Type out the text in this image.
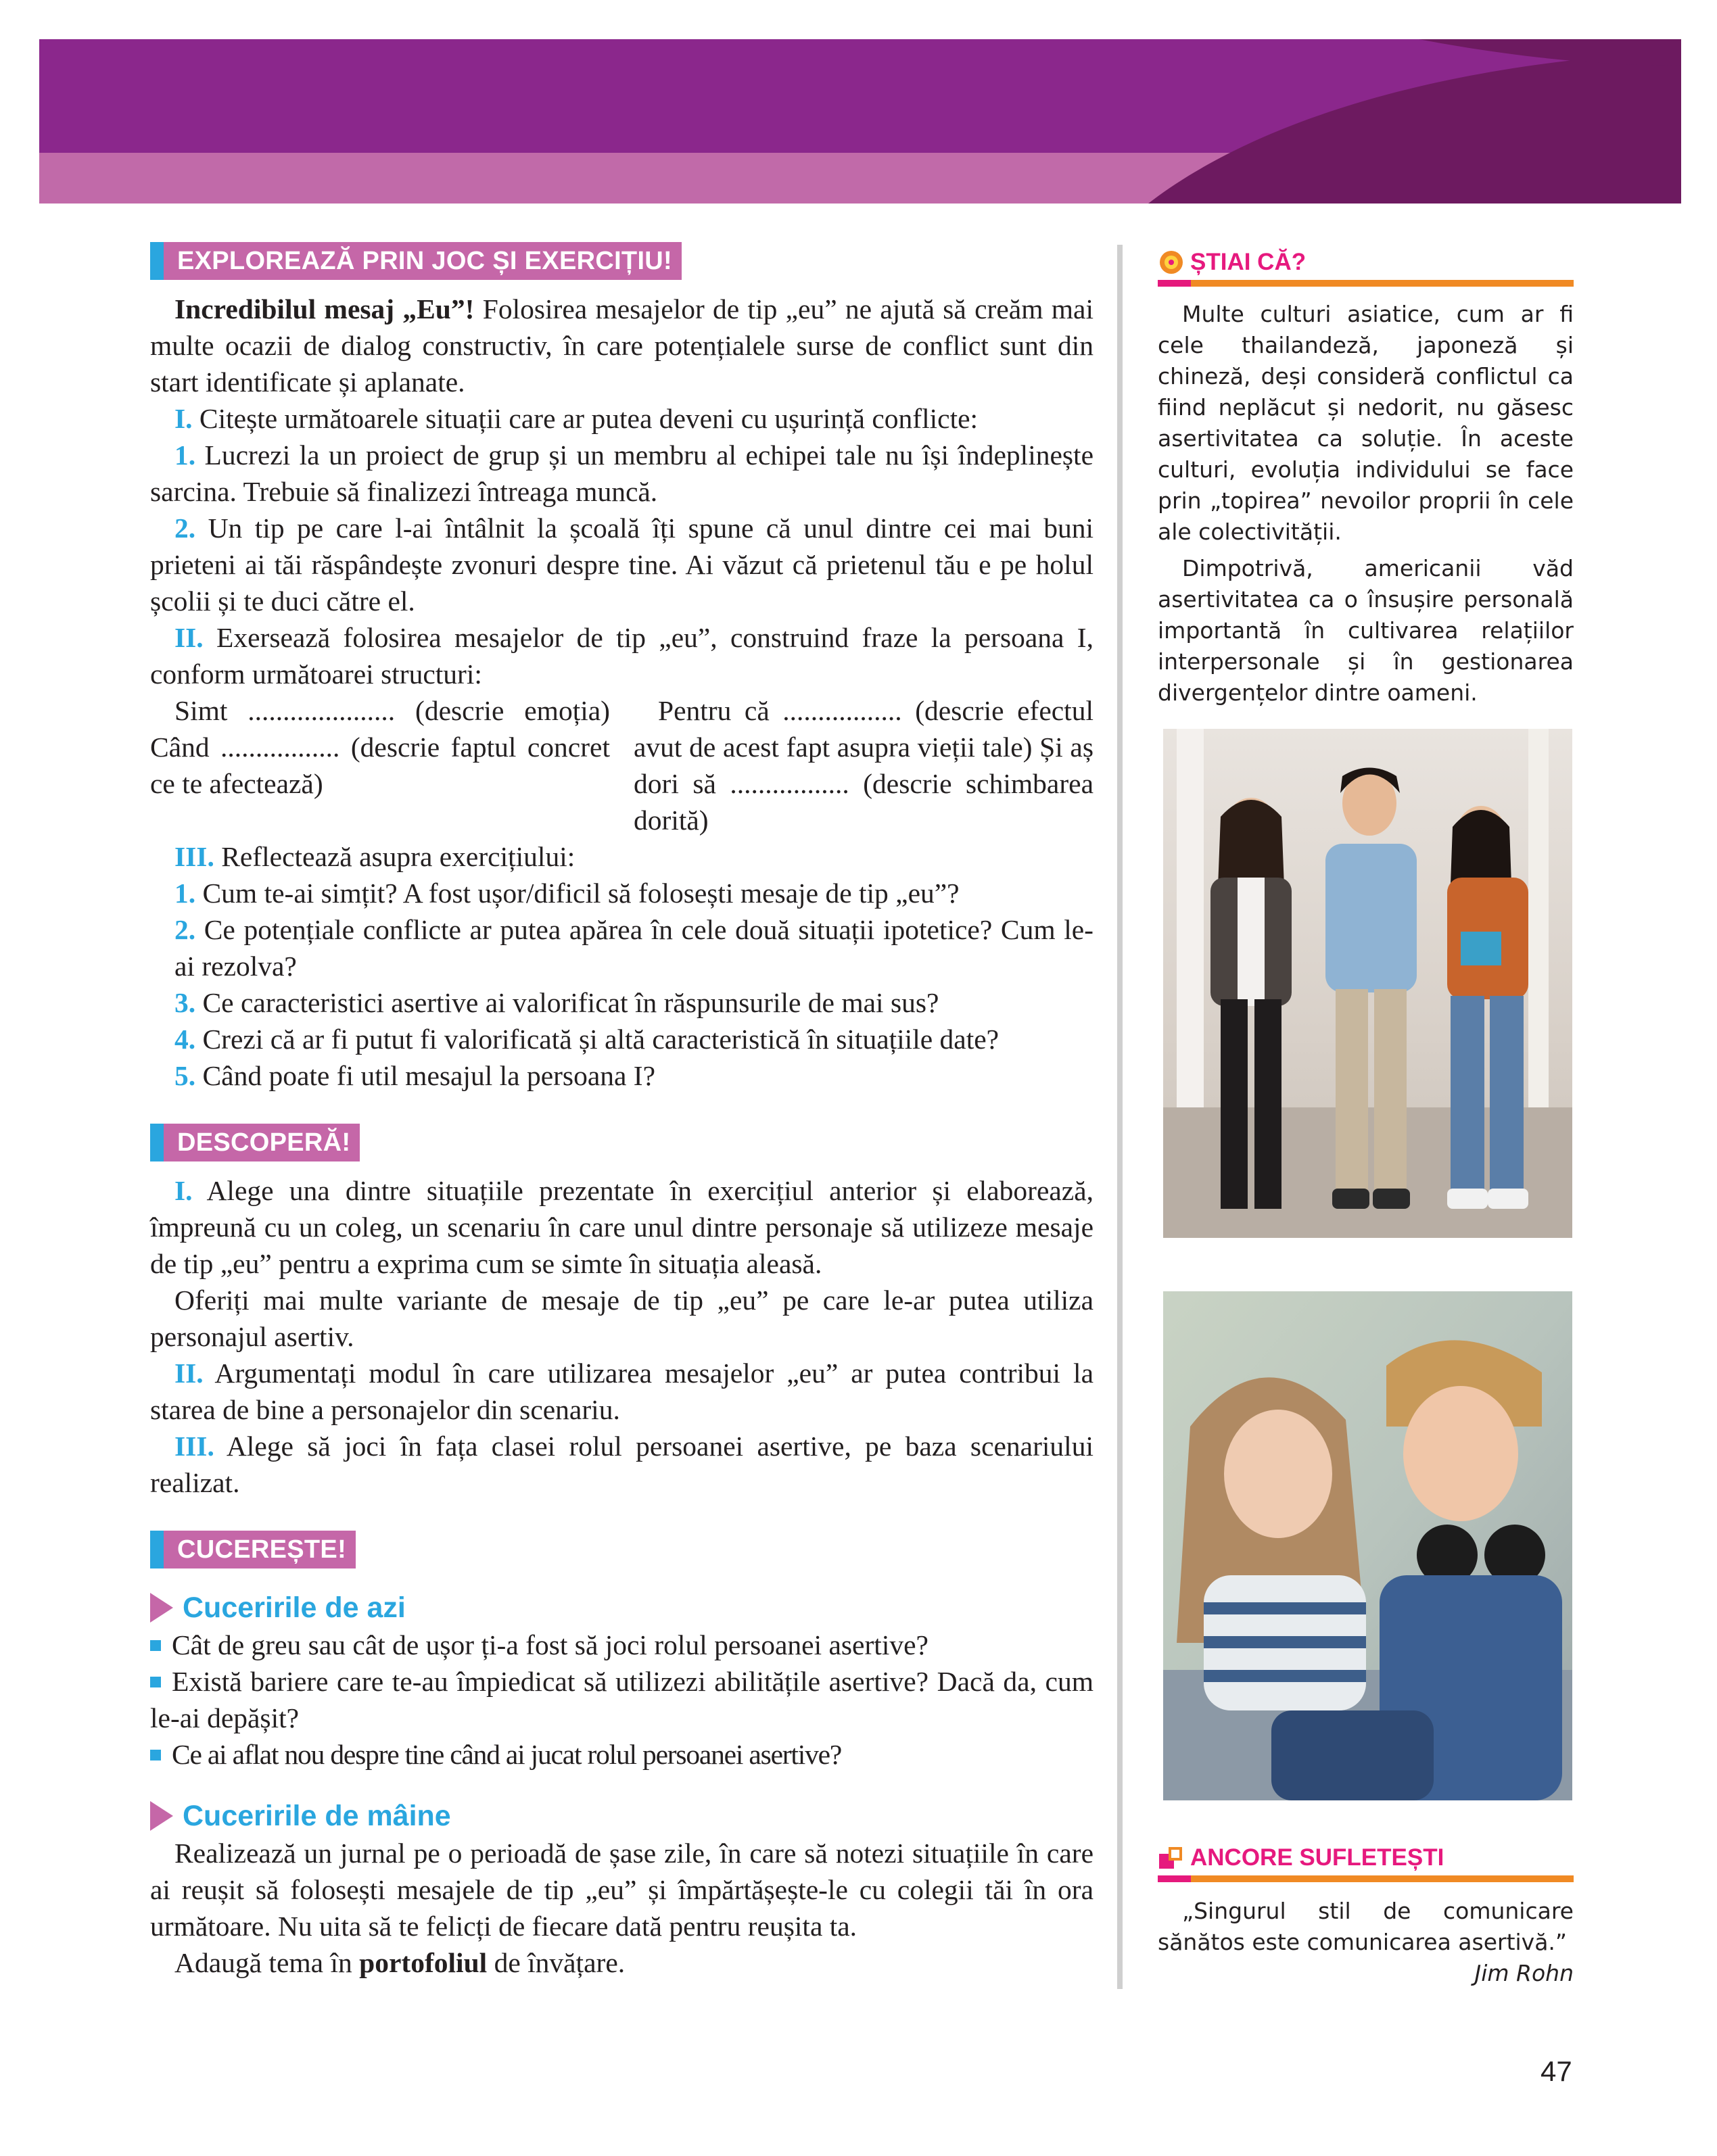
EXPLOREAZĂ PRIN JOC ȘI EXERCIȚIU!

Incredibilul mesaj „Eu”! Folosirea mesajelor de tip „eu” ne ajută să creăm mai multe ocazii de dialog constructiv, în care potențialele surse de conflict sunt din start identificate și aplanate.

I. Citește următoarele situații care ar putea deveni cu ușurință conflicte:

1. Lucrezi la un proiect de grup și un membru al echipei tale nu își îndeplinește sarcina. Trebuie să finalizezi întreaga muncă.

2. Un tip pe care l-ai întâlnit la școală îți spune că unul dintre cei mai buni prieteni ai tăi răspândește zvonuri despre tine. Ai văzut că prietenul tău e pe holul școlii și te duci către el.

II. Exersează folosirea mesajelor de tip „eu”, construind fraze la persoana I, conform următoarei structuri:

Simt ..................... (descrie emoția) Când ................. (descrie faptul concret ce te afectează)

Pentru că ................. (descrie efectul avut de acest fapt asupra vieții tale) Și aș dori să ................. (descrie schimbarea dorită)

III. Reflectează asupra exercițiului:

1. Cum te-ai simțit? A fost ușor/dificil să folosești mesaje de tip „eu”?

2. Ce potențiale conflicte ar putea apărea în cele două situații ipotetice? Cum le-ai rezolva?

3. Ce caracteristici asertive ai valorificat în răspunsurile de mai sus?

4. Crezi că ar fi putut fi valorificată și altă caracteristică în situațiile date?

5. Când poate fi util mesajul la persoana I?

DESCOPERĂ!

I. Alege una dintre situațiile prezentate în exercițiul anterior și elaborează, împreună cu un coleg, un scenariu în care unul dintre personaje să utilizeze mesaje de tip „eu” pentru a exprima cum se simte în situația aleasă.

Oferiți mai multe variante de mesaje de tip „eu” pe care le-ar putea utiliza personajul asertiv.

II. Argumentați modul în care utilizarea mesajelor „eu” ar putea contribui la starea de bine a personajelor din scenariu.

III. Alege să joci în fața clasei rolul persoanei asertive, pe baza scenariului realizat.

CUCEREȘTE!
Cuceririle de azi

Cât de greu sau cât de ușor ți-a fost să joci rolul persoanei asertive?

Există bariere care te-au împiedicat să utilizezi abilitățile asertive? Dacă da, cum le-ai depășit?

Ce ai aflat nou despre tine când ai jucat rolul persoanei asertive?

Cuceririle de mâine

Realizează un jurnal pe o perioadă de șase zile, în care să notezi situațiile în care ai reușit să folosești mesajele de tip „eu” și împărtășește-le cu colegii tăi în ora următoare. Nu uita să te felicți de fiecare dată pentru reușita ta.

Adaugă tema în portofoliul de învățare.

ȘTIAI CĂ?

Multe culturi asiatice, cum ar fi cele thailandeză, japoneză și chineză, deși consideră conflictul ca fiind neplăcut și nedorit, nu găsesc asertivitatea ca soluție. În aceste culturi, evoluția individului se face prin „topirea” nevoilor proprii în cele ale colectivității.

Dimpotrivă, americanii văd asertivitatea ca o însușire personală importantă în cultivarea relațiilor interpersonale și în gestionarea divergențelor dintre oameni.

ANCORE SUFLETEȘTI

„Singurul stil de comunicare sănătos este comunicarea asertivă.”

Jim Rohn

47
